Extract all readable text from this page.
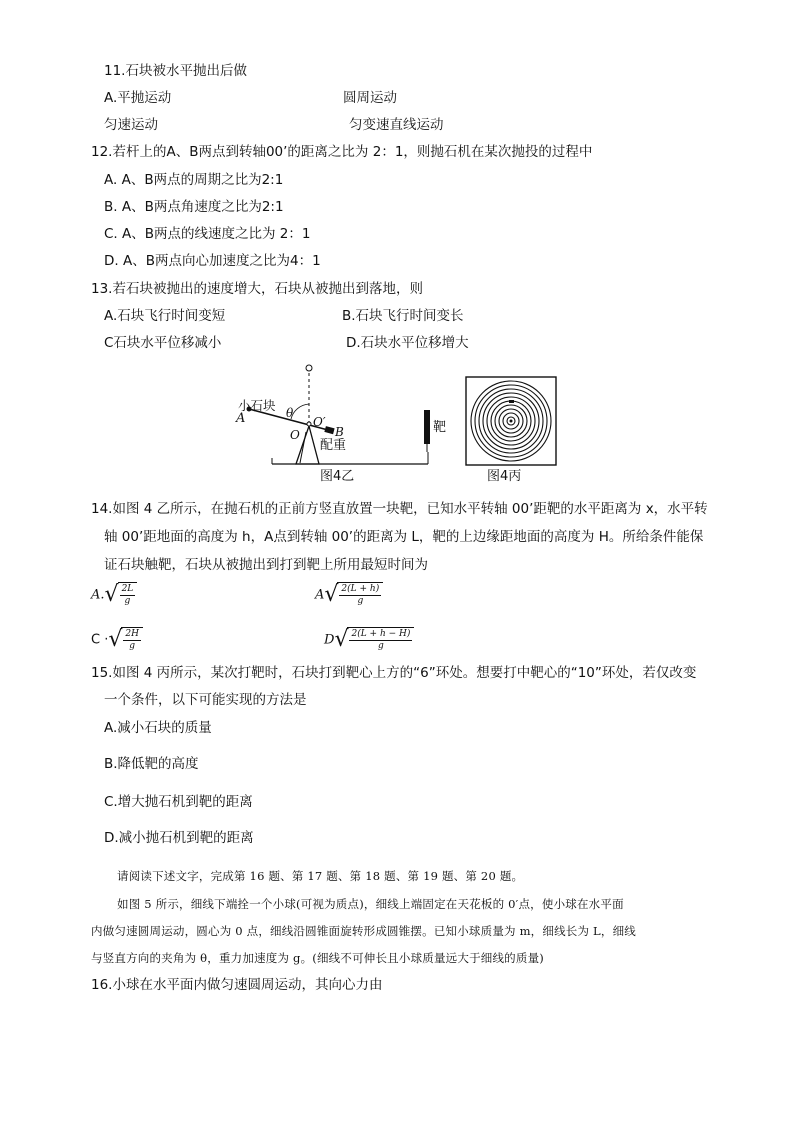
11.石块被水平抛出后做
A.平抛运动	圆周运动
匀速运动	匀变速直线运动
12.若杆上的A、B两点到转轴00’的距离之比为 2：1，则抛石机在某次抛投的过程中
A. A、B两点的周期之比为2:1
B. A、B两点角速度之比为2:1
C. A、B两点的线速度之比为 2：1
D. A、B两点向心加速度之比为4：1
13.若石块被抛出的速度增大，石块从被抛出到落地，则
A.石块飞行时间变短	B.石块飞行时间变长
C石块水平位移减小	D.石块水平位移增大
小石块
A	θ
O′
O	B
配重
靶
图4乙	图4丙
14.如图 4 乙所示，在抛石机的正前方竖直放置一块靶，已知水平转轴 00’距靶的水平距离为 x，水平转
轴 00’距地面的高度为 h，A点到转轴 00’的距离为 L，靶的上边缘距地面的高度为 H。所给条件能保
证石块触靶，石块从被抛出到打到靶上所用最短时间为
$A.√ \frac{2L}{g}$	$A√ \frac{2(L + h)}{g}$
C ·√ $\frac{2H}{g}$	$D√ \frac{2(L + h - H)}{g}$
15.如图 4 丙所示，某次打靶时，石块打到靶心上方的“6”环处。想要打中靶心的“10”环处，若仅改变
一个条件，以下可能实现的方法是
A.减小石块的质量
B.降低靶的高度
C.增大抛石机到靶的距离
D.减小抛石机到靶的距离
请阅读下述文字，完成第 16 题、第 17 题、第 18 题、第 19 题、第 20 题。
如图 5 所示，细线下端拴一个小球(可视为质点)，细线上端固定在天花板的 0′点，使小球在水平面
内做匀速圆周运动，圆心为 0 点，细线沿圆锥面旋转形成圆锥摆。已知小球质量为 m，细线长为 L，细线
与竖直方向的夹角为 θ，重力加速度为 g。(细线不可伸长且小球质量远大于细线的质量)
16.小球在水平面内做匀速圆周运动，其向心力由
